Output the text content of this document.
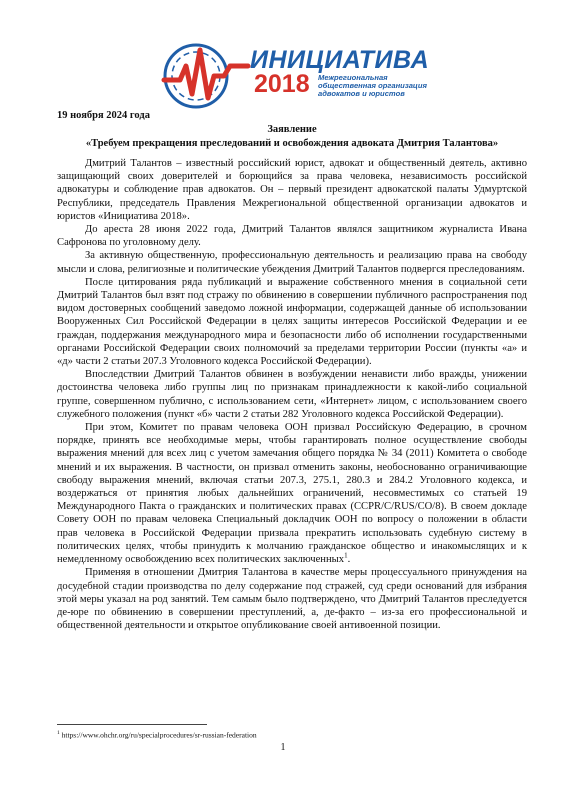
ИНИЦИАТИВА
2018 Межрегиональная общественная организация адвокатов и юристов
19 ноября 2024 года
Заявление
«Требуем прекращения преследований и освобождения адвоката Дмитрия Талантова»

Дмитрий Талантов – известный российский юрист, адвокат и общественный деятель, активно защищающий своих доверителей и борющийся за права человека, независимость российской адвокатуры и соблюдение прав адвокатов. Он – первый президент адвокатской палаты Удмуртской Республики, председатель Правления Межрегиональной общественной организации адвокатов и юристов «Инициатива 2018».

До ареста 28 июня 2022 года, Дмитрий Талантов являлся защитником журналиста Ивана Сафронова по уголовному делу.

За активную общественную, профессиональную деятельность и реализацию права на свободу мысли и слова, религиозные и политические убеждения Дмитрий Талантов подвергся преследованиям.

После цитирования ряда публикаций и выражение собственного мнения в социальной сети Дмитрий Талантов был взят под стражу по обвинению в совершении публичного распространения под видом достоверных сообщений заведомо ложной информации, содержащей данные об использовании Вооруженных Сил Российской Федерации в целях защиты интересов Российской Федерации и ее граждан, поддержания международного мира и безопасности либо об исполнении государственными органами Российской Федерации своих полномочий за пределами территории России (пункты «а» и «д» части 2 статьи 207.3 Уголовного кодекса Российской Федерации).

Впоследствии Дмитрий Талантов обвинен в возбуждении ненависти либо вражды, унижении достоинства человека либо группы лиц по признакам принадлежности к какой-либо социальной группе, совершенном публично, с использованием сети, «Интернет» лицом, с использованием своего служебного положения (пункт «б» части 2 статьи 282 Уголовного кодекса Российской Федерации).

При этом, Комитет по правам человека ООН призвал Российскую Федерацию, в срочном порядке, принять все необходимые меры, чтобы гарантировать полное осуществление свободы выражения мнений для всех лиц с учетом замечания общего порядка № 34 (2011) Комитета о свободе мнений и их выражения. В частности, он призвал отменить законы, необоснованно ограничивающие свободу выражения мнений, включая статьи 207.3, 275.1, 280.3 и 284.2 Уголовного кодекса, и воздержаться от принятия любых дальнейших ограничений, несовместимых со статьей 19 Международного Пакта о гражданских и политических правах (CCPR/C/RUS/CO/8). В своем докладе Совету ООН по правам человека Специальный докладчик ООН по вопросу о положении в области прав человека в Российской Федерации призвала прекратить использовать судебную систему в политических целях, чтобы принудить к молчанию гражданское общество и инакомыслящих и к немедленному освобождению всех политических заключенных$^1$.

Применяя в отношении Дмитрия Талантова в качестве меры процессуального принуждения на досудебной стадии производства по делу содержание под стражей, суд среди оснований для избрания этой меры указал на род занятий. Тем самым было подтверждено, что Дмитрий Талантов преследуется де-юре по обвинению в совершении преступлений, а, де-факто – из-за его профессиональной и общественной деятельности и открытое опубликование своей антивоенной позиции.

$^1$ https://www.ohchr.org/ru/specialprocedures/sr-russian-federation
1
